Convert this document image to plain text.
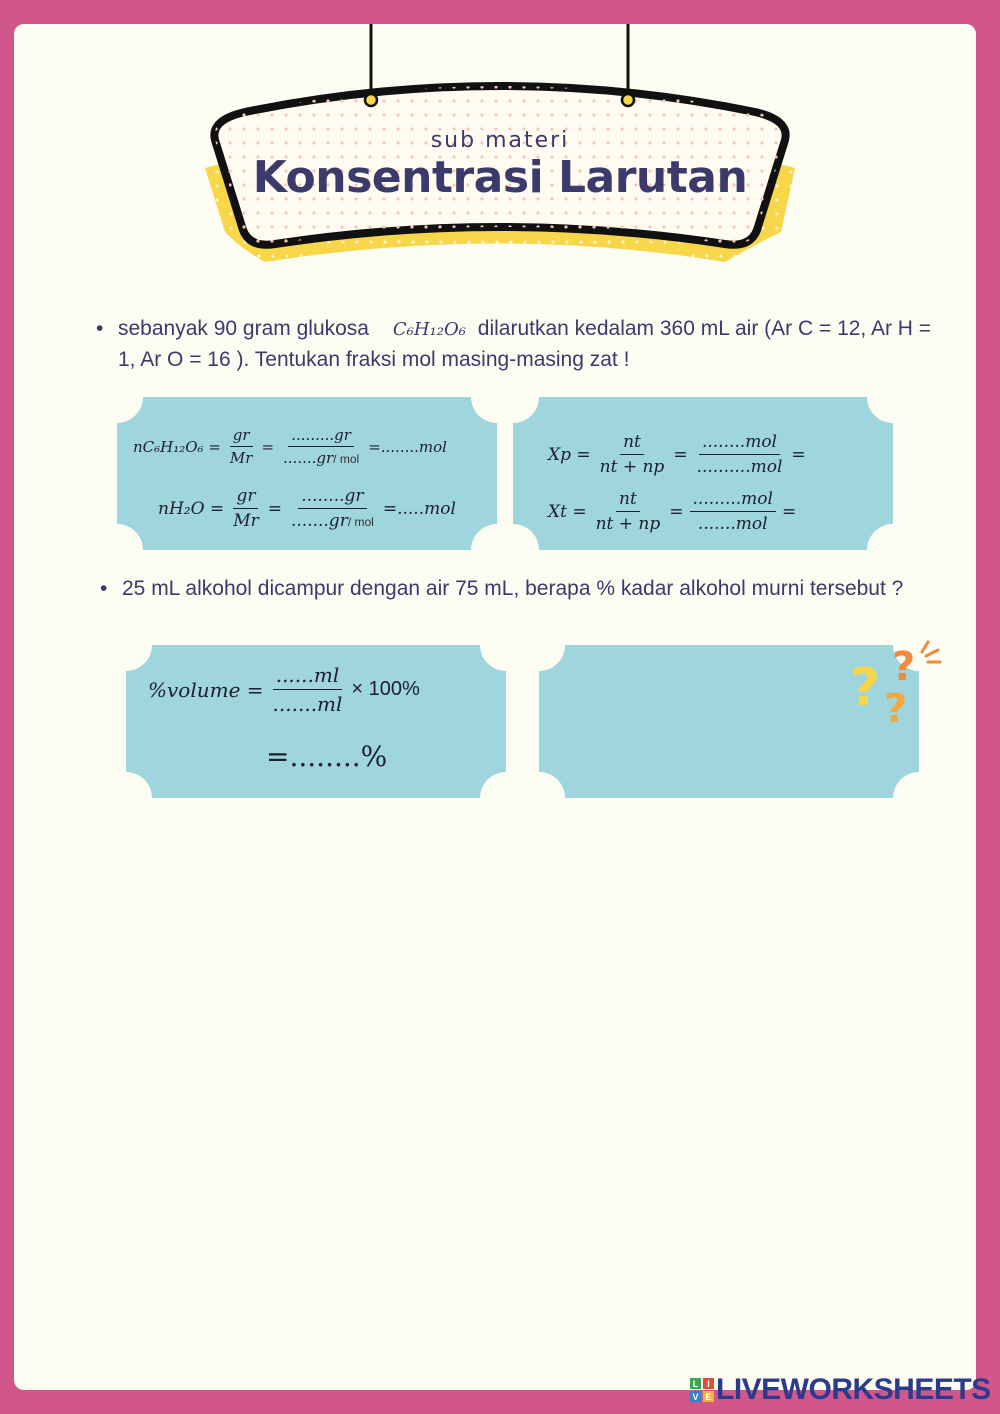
sub materi
Konsentrasi Larutan
• sebanyak 90 gram glukosa C₆H₁₂O₆ dilarutkan kedalam 360 mL air (Ar C = 12, Ar H = 1, Ar O = 16 ). Tentukan fraksi mol masing-masing zat !
$nC_6H_{12}O_6 = \frac{gr}{Mr} = \frac{.........gr}{\text{.......gr/ mol}} =........mol$
$nH_2O = \frac{gr}{Mr} = \frac{........gr}{\text{.......gr/ mol}} =.....mol$
$Xp = \frac{nt}{nt + np} = \frac{\text{........mol}}{\text{..........mol}}$ =
$Xt = \frac{nt}{nt + np} = \frac{\text{.........mol}}{\text{.......mol}}$ =
• 25 mL alkohol dicampur dengan air 75 mL, berapa % kadar alkohol murni tersebut ?
%volume = $\frac{......ml}{.......ml} \times 100\%$
=........%
? ?
?
L I
V E LIVEWORKSHEETS
